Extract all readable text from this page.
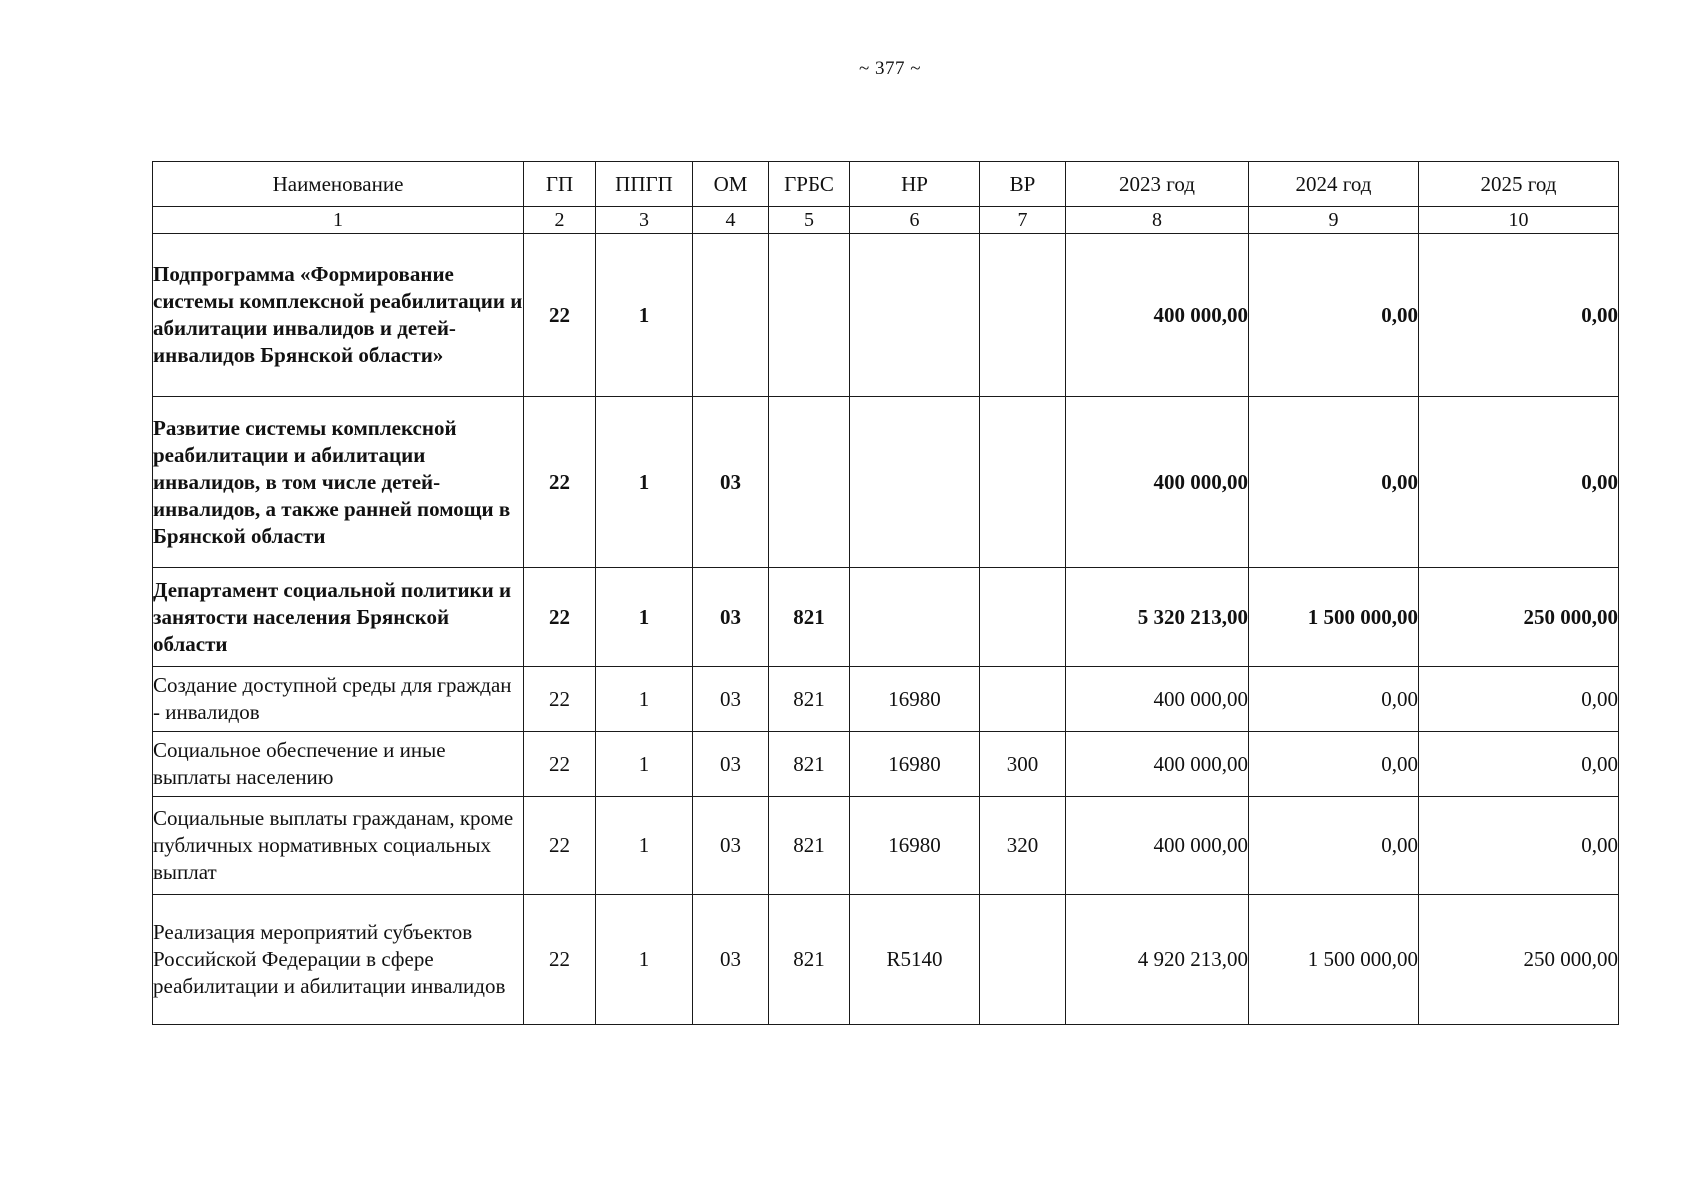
~ 377 ~
Наименование	ГП	ППГП	ОМ	ГРБС	НР	ВР	2023 год	2024 год	2025 год
1	2	3	4	5	6	7	8	9	10
Подпрограмма «Формирование системы комплексной реабилитации и абилитации инвалидов и детей-инвалидов Брянской области»	22	1					400 000,00	0,00	0,00
Развитие системы комплексной реабилитации и абилитации инвалидов, в том числе детей-инвалидов, а также ранней помощи в Брянской области	22	1	03				400 000,00	0,00	0,00
Департамент социальной политики и занятости населения Брянской области	22	1	03	821			5 320 213,00	1 500 000,00	250 000,00
Создание доступной среды для граждан - инвалидов	22	1	03	821	16980		400 000,00	0,00	0,00
Социальное обеспечение и иные выплаты населению	22	1	03	821	16980	300	400 000,00	0,00	0,00
Социальные выплаты гражданам, кроме публичных нормативных социальных выплат	22	1	03	821	16980	320	400 000,00	0,00	0,00
Реализация мероприятий субъектов Российской Федерации в сфере реабилитации и абилитации инвалидов	22	1	03	821	R5140		4 920 213,00	1 500 000,00	250 000,00
